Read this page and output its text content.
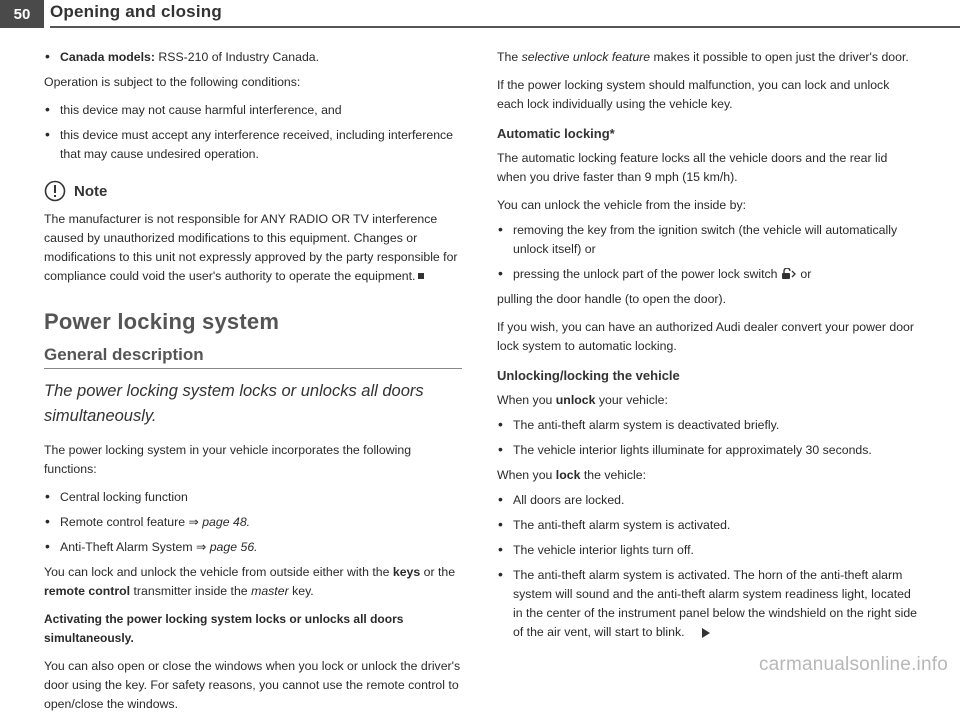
50	Opening and closing
• Canada models: RSS-210 of Industry Canada.

Operation is subject to the following conditions:

• this device may not cause harmful interference, and
• this device must accept any interference received, including interference that may cause undesired operation.
Note

The manufacturer is not responsible for ANY RADIO OR TV interference caused by unauthorized modifications to this equipment. Changes or modifications to this unit not expressly approved by the party responsible for compliance could void the user's authority to operate the equipment.

Power locking system
General description
The power locking system locks or unlocks all doors simultaneously.

The power locking system in your vehicle incorporates the following functions:

• Central locking function
• Remote control feature ⇒ page 48.
• Anti-Theft Alarm System ⇒ page 56.

You can lock and unlock the vehicle from outside either with the keys or the remote control transmitter inside the master key.

Activating the power locking system locks or unlocks all doors simultaneously.

You can also open or close the windows when you lock or unlock the driver's door using the key. For safety reasons, you cannot use the remote control to open/close the windows.

The selective unlock feature makes it possible to open just the driver's door.

If the power locking system should malfunction, you can lock and unlock each lock individually using the vehicle key.

Automatic locking*

The automatic locking feature locks all the vehicle doors and the rear lid when you drive faster than 9 mph (15 km/h).

You can unlock the vehicle from the inside by:

• removing the key from the ignition switch (the vehicle will automatically unlock itself) or
• pressing the unlock part of the power lock switch  or

pulling the door handle (to open the door).

If you wish, you can have an authorized Audi dealer convert your power door lock system to automatic locking.

Unlocking/locking the vehicle

When you unlock your vehicle:

• The anti-theft alarm system is deactivated briefly.
• The vehicle interior lights illuminate for approximately 30 seconds.

When you lock the vehicle:

• All doors are locked.
• The anti-theft alarm system is activated.
• The vehicle interior lights turn off.
• The anti-theft alarm system is activated. The horn of the anti-theft alarm system will sound and the anti-theft alarm system readiness light, located in the center of the instrument panel below the windshield on the right side of the air vent, will start to blink.
carmanualsonline.info
